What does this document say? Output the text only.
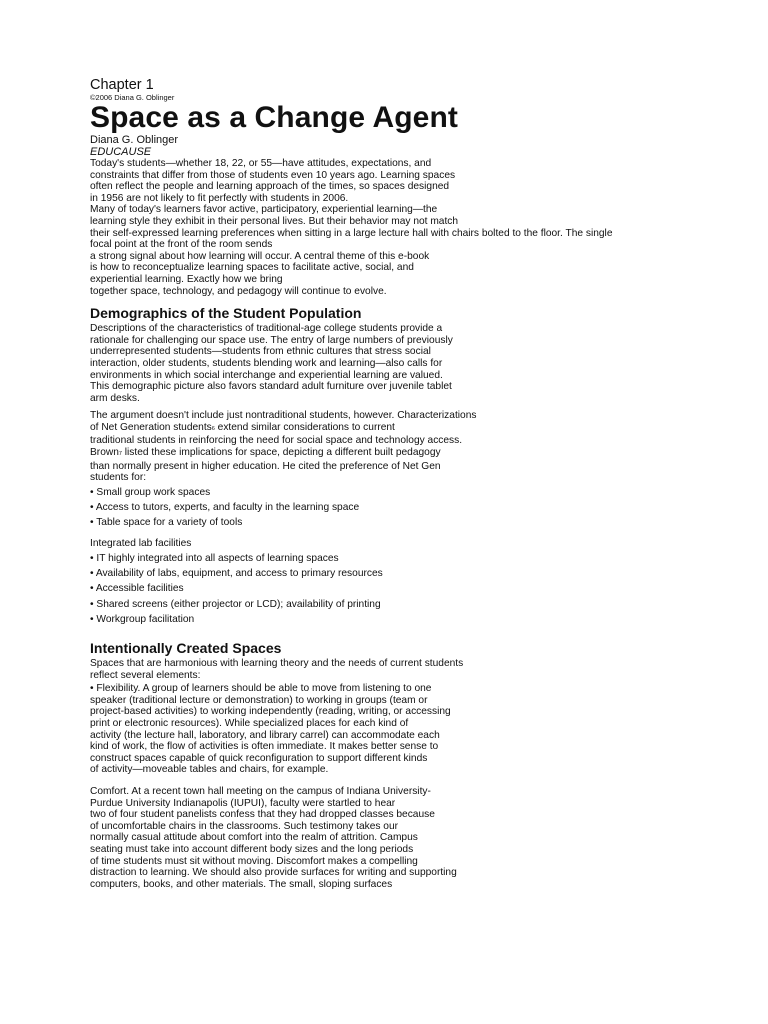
Chapter 1

©2006 Diana G. Oblinger

Space as a Change Agent

Diana G. Oblinger

EDUCAUSE

Today's students—whether 18, 22, or 55—have attitudes, expectations, and
constraints that differ from those of students even 10 years ago. Learning spaces
often reflect the people and learning approach of the times, so spaces designed
in 1956 are not likely to fit perfectly with students in 2006.
Many of today's learners favor active, participatory, experiential learning—the
learning style they exhibit in their personal lives. But their behavior may not match
their self-expressed learning preferences when sitting in a large lecture hall with chairs bolted to the floor. The single
focal point at the front of the room sends
a strong signal about how learning will occur. A central theme of this e-book
is how to reconceptualize learning spaces to facilitate active, social, and
experiential learning. Exactly how we bring
together space, technology, and pedagogy will continue to evolve.

Demographics of the Student Population

Descriptions of the characteristics of traditional-age college students provide a
rationale for challenging our space use. The entry of large numbers of previously
underrepresented students—students from ethnic cultures that stress social
interaction, older students, students blending work and learning—also calls for
environments in which social interchange and experiential learning are valued.
This demographic picture also favors standard adult furniture over juvenile tablet
arm desks.

The argument doesn't include just nontraditional students, however. Characterizations
of Net Generation students6 extend similar considerations to current
traditional students in reinforcing the need for social space and technology access.
Brown7 listed these implications for space, depicting a different built pedagogy
than normally present in higher education. He cited the preference of Net Gen
students for:

• Small group work spaces
• Access to tutors, experts, and faculty in the learning space
• Table space for a variety of tools

Integrated lab facilities

• IT highly integrated into all aspects of learning spaces
• Availability of labs, equipment, and access to primary resources
• Accessible facilities
• Shared screens (either projector or LCD); availability of printing
• Workgroup facilitation
Intentionally Created Spaces

Spaces that are harmonious with learning theory and the needs of current students
reflect several elements:

• Flexibility. A group of learners should be able to move from listening to one
speaker (traditional lecture or demonstration) to working in groups (team or
project-based activities) to working independently (reading, writing, or accessing
print or electronic resources). While specialized places for each kind of
activity (the lecture hall, laboratory, and library carrel) can accommodate each
kind of work, the flow of activities is often immediate. It makes better sense to
construct spaces capable of quick reconfiguration to support different kinds
of activity—moveable tables and chairs, for example.

Comfort. At a recent town hall meeting on the campus of Indiana University-
Purdue University Indianapolis (IUPUI), faculty were startled to hear
two of four student panelists confess that they had dropped classes because
of uncomfortable chairs in the classrooms. Such testimony takes our
normally casual attitude about comfort into the realm of attrition. Campus
seating must take into account different body sizes and the long periods
of time students must sit without moving. Discomfort makes a compelling
distraction to learning. We should also provide surfaces for writing and supporting
computers, books, and other materials. The small, sloping surfaces
